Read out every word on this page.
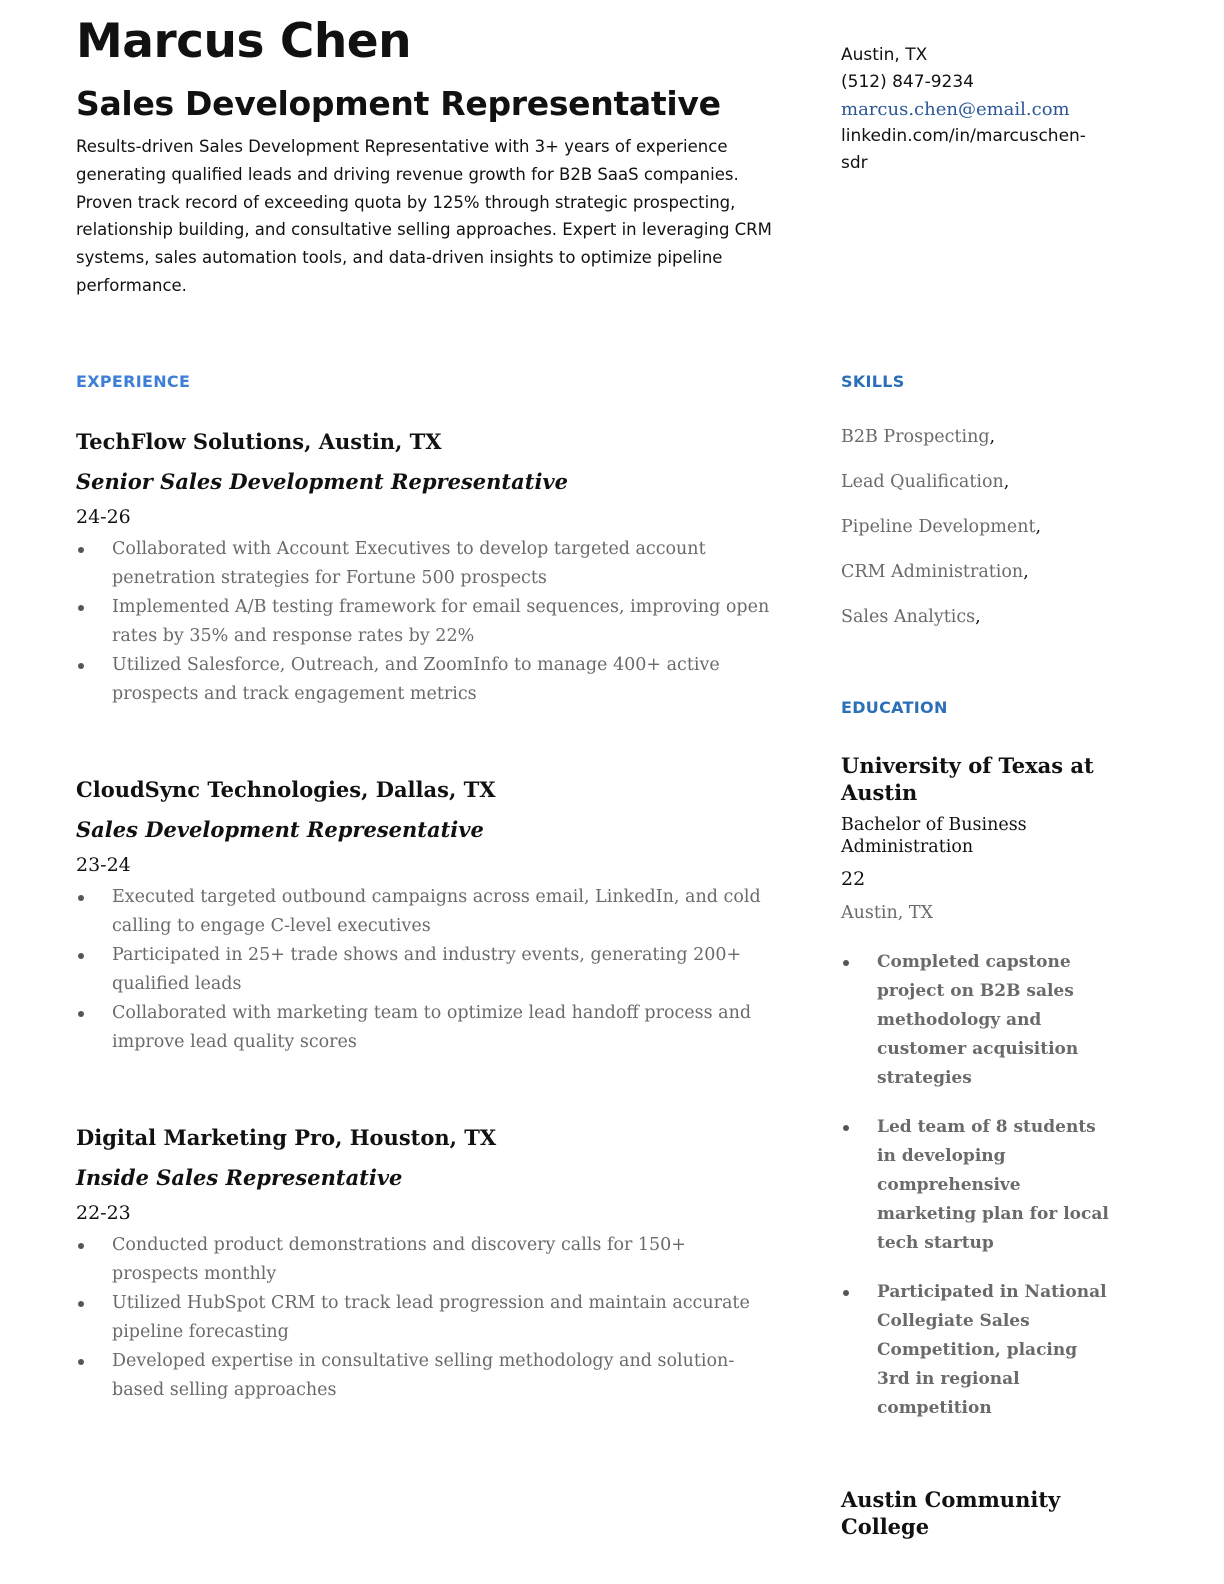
Marcus Chen
Sales Development Representative

Results-driven Sales Development Representative with 3+ years of experience generating qualified leads and driving revenue growth for B2B SaaS companies. Proven track record of exceeding quota by 125% through strategic prospecting, relationship building, and consultative selling approaches. Expert in leveraging CRM systems, sales automation tools, and data-driven insights to optimize pipeline performance.

EXPERIENCE
TechFlow Solutions, Austin, TX
Senior Sales Development Representative
24-26
Collaborated with Account Executives to develop targeted account penetration strategies for Fortune 500 prospects
Implemented A/B testing framework for email sequences, improving open rates by 35% and response rates by 22%
Utilized Salesforce, Outreach, and ZoomInfo to manage 400+ active prospects and track engagement metrics
CloudSync Technologies, Dallas, TX
Sales Development Representative
23-24
Executed targeted outbound campaigns across email, LinkedIn, and cold calling to engage C-level executives
Participated in 25+ trade shows and industry events, generating 200+ qualified leads
Collaborated with marketing team to optimize lead handoff process and improve lead quality scores
Digital Marketing Pro, Houston, TX
Inside Sales Representative
22-23
Conducted product demonstrations and discovery calls for 150+ prospects monthly
Utilized HubSpot CRM to track lead progression and maintain accurate pipeline forecasting
Developed expertise in consultative selling methodology and solution-based selling approaches
Austin, TX
(512) 847-9234
marcus.chen@email.com
linkedin.com/in/marcuschen-sdr
SKILLS
B2B Prospecting,
Lead Qualification,
Pipeline Development,
CRM Administration,
Sales Analytics,
EDUCATION
University of Texas at Austin
Bachelor of Business Administration
22
Austin, TX
Completed capstone project on B2B sales methodology and customer acquisition strategies
Led team of 8 students in developing comprehensive marketing plan for local tech startup
Participated in National Collegiate Sales Competition, placing 3rd in regional competition
Austin Community College
